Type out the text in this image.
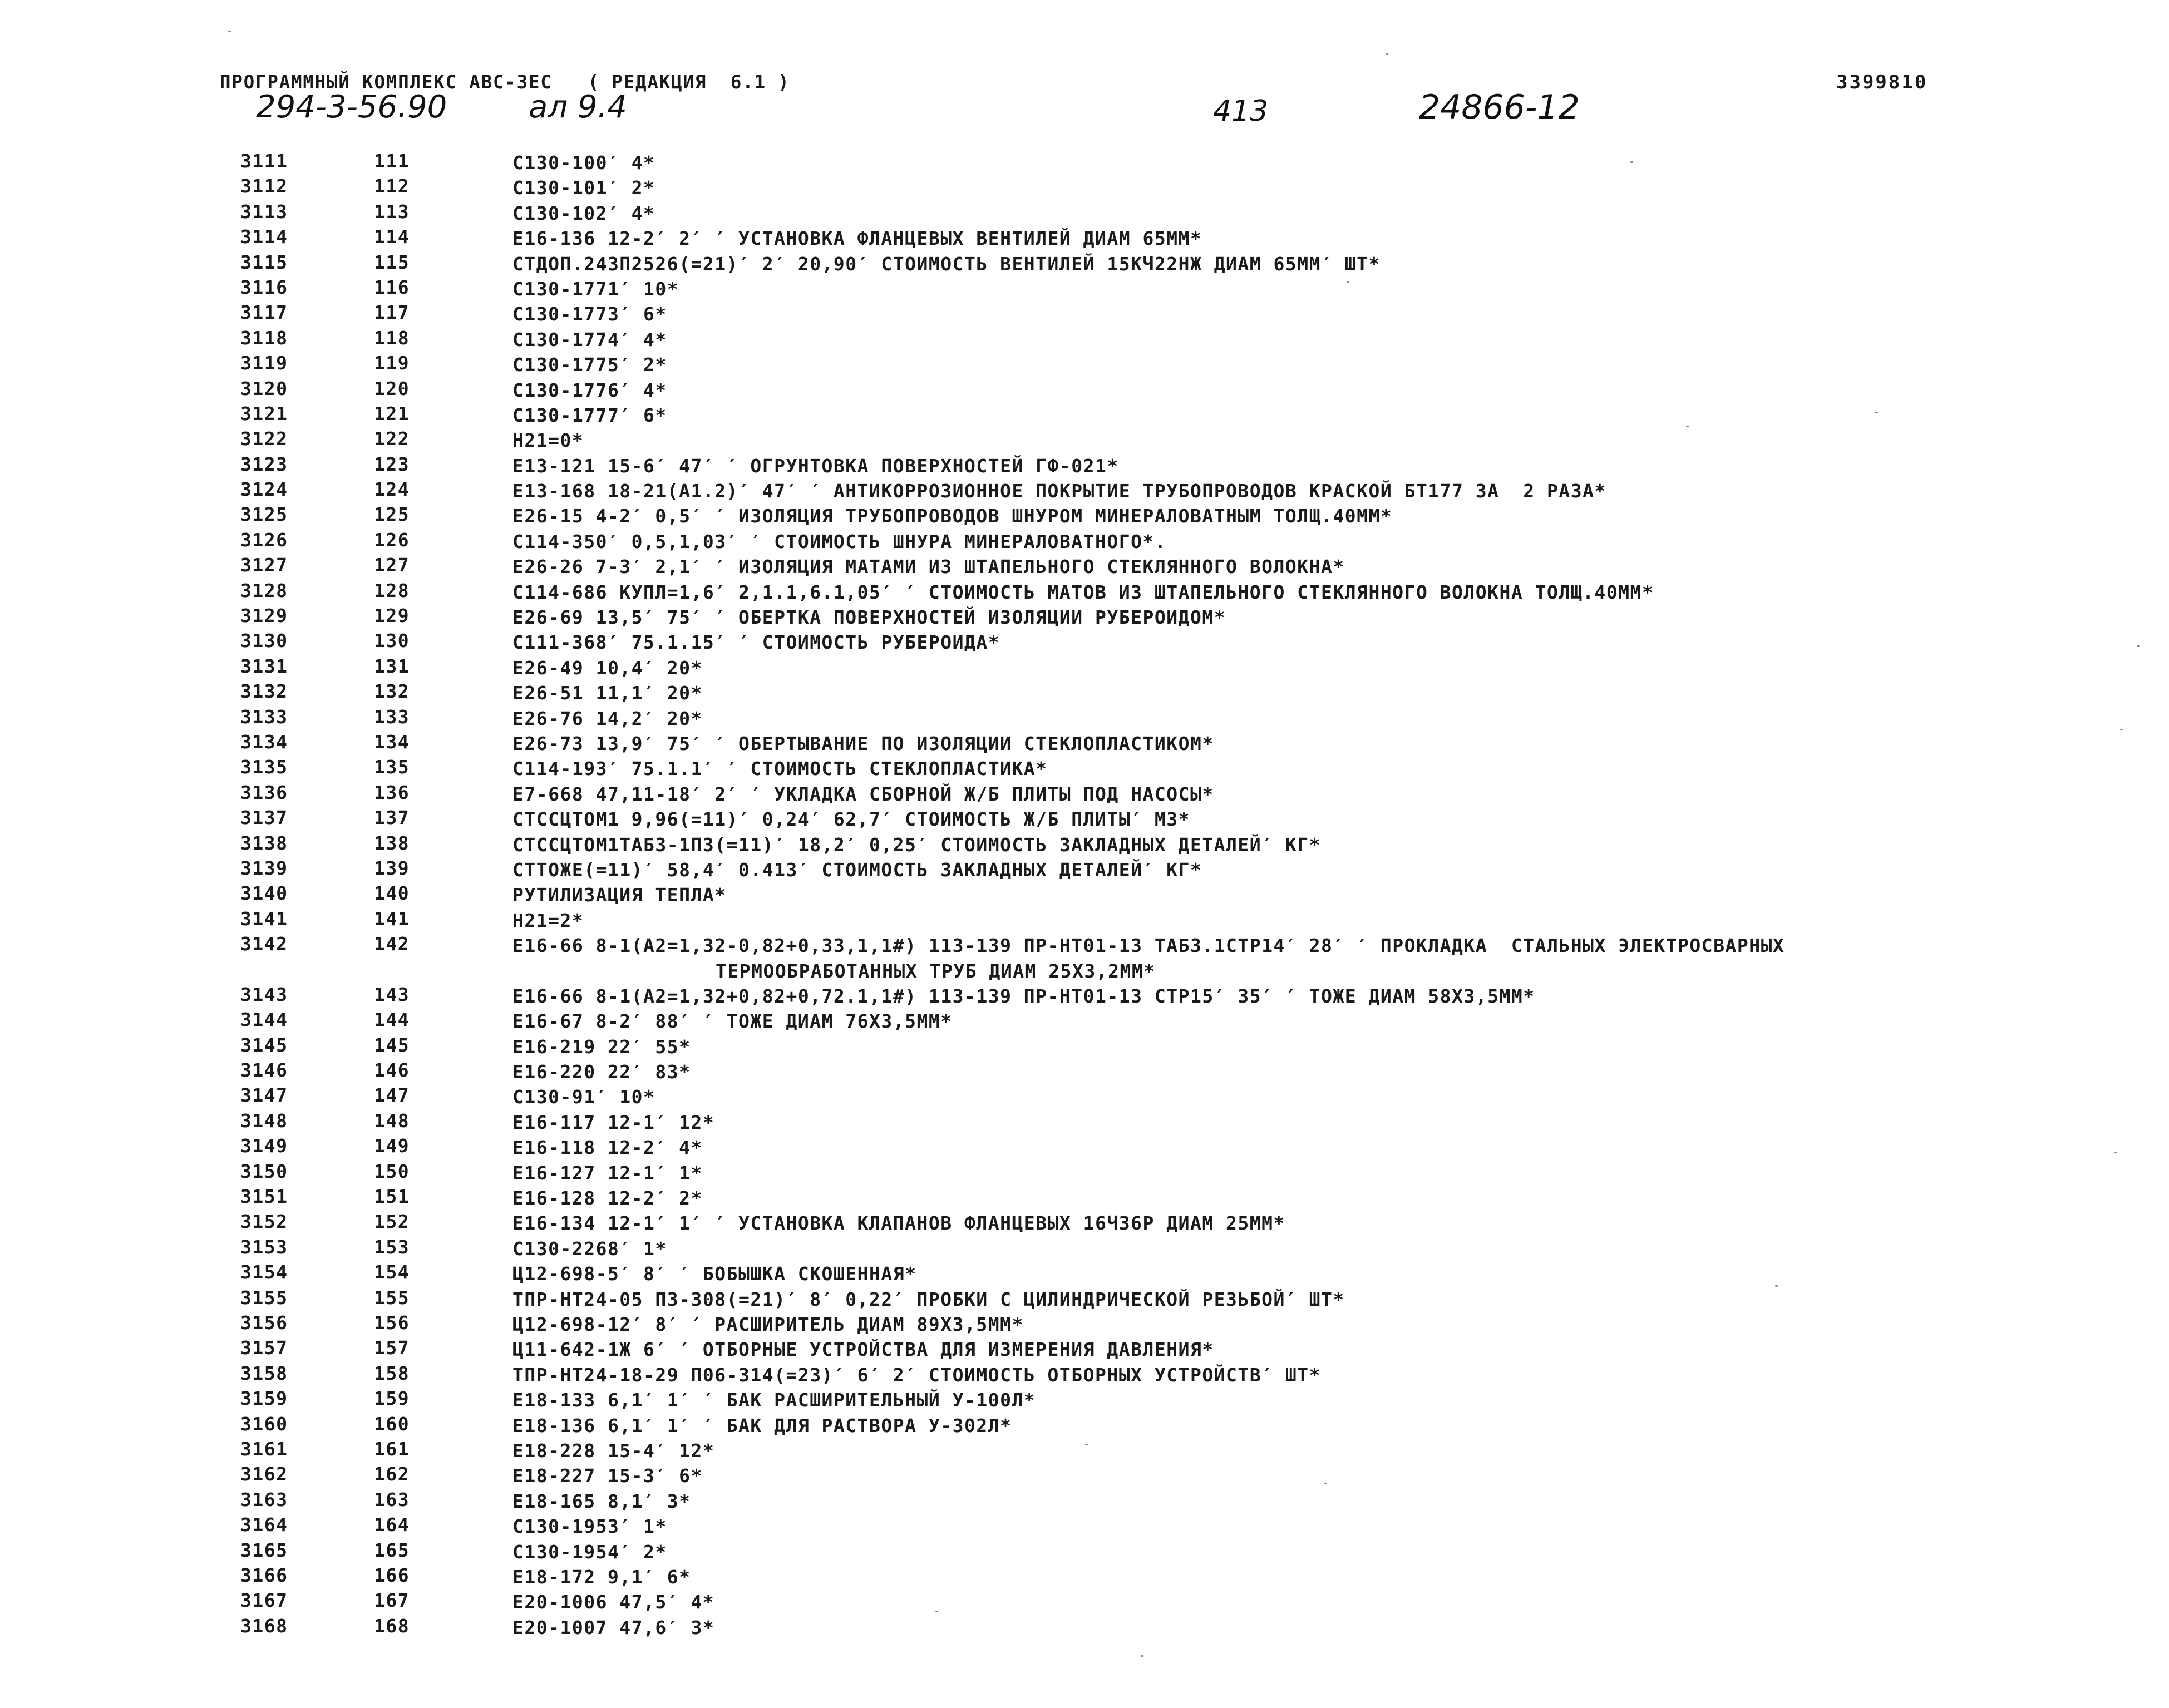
ПРОГРАММНЫЙ КОМПЛЕКС АВС-ЗЕС   ( РЕДАКЦИЯ  6.1 )	3399810
294-3-56.90	ал 9.4	413	24866-12
3111	111	С130-100′ 4*
3112	112	С130-101′ 2*
3113	113	С130-102′ 4*
3114	114	Е16-136 12-2′ 2′ ′ УСТАНОВКА ФЛАНЦЕВЫХ ВЕНТИЛЕЙ ДИАМ 65ММ*
3115	115	СТДОП.243П2526(=21)′ 2′ 20,90′ СТОИМОСТЬ ВЕНТИЛЕЙ 15КЧ22НЖ ДИАМ 65ММ′ ШТ*
3116	116	С130-1771′ 10*
3117	117	С130-1773′ 6*
3118	118	С130-1774′ 4*
3119	119	С130-1775′ 2*
3120	120	С130-1776′ 4*
3121	121	С130-1777′ 6*
3122	122	Н21=0*
3123	123	Е13-121 15-6′ 47′ ′ ОГРУНТОВКА ПОВЕРХНОСТЕЙ ГФ-021*
3124	124	Е13-168 18-21(А1.2)′ 47′ ′ АНТИКОРРОЗИОННОЕ ПОКРЫТИЕ ТРУБОПРОВОДОВ КРАСКОЙ БТ177 ЗА  2 РАЗА*
3125	125	Е26-15 4-2′ 0,5′ ′ ИЗОЛЯЦИЯ ТРУБОПРОВОДОВ ШНУРОМ МИНЕРАЛОВАТНЫМ ТОЛЩ.40ММ*
3126	126	С114-350′ 0,5,1,03′ ′ СТОИМОСТЬ ШНУРА МИНЕРАЛОВАТНОГО*.
3127	127	Е26-26 7-3′ 2,1′ ′ ИЗОЛЯЦИЯ МАТАМИ ИЗ ШТАПЕЛЬНОГО СТЕКЛЯННОГО ВОЛОКНА*
3128	128	С114-686 КУПЛ=1,6′ 2,1.1,6.1,05′ ′ СТОИМОСТЬ МАТОВ ИЗ ШТАПЕЛЬНОГО СТЕКЛЯННОГО ВОЛОКНА ТОЛЩ.40ММ*
3129	129	Е26-69 13,5′ 75′ ′ ОБЕРТКА ПОВЕРХНОСТЕЙ ИЗОЛЯЦИИ РУБЕРОИДОМ*
3130	130	С111-368′ 75.1.15′ ′ СТОИМОСТЬ РУБЕРОИДА*
3131	131	Е26-49 10,4′ 20*
3132	132	Е26-51 11,1′ 20*
3133	133	Е26-76 14,2′ 20*
3134	134	Е26-73 13,9′ 75′ ′ ОБЕРТЫВАНИЕ ПО ИЗОЛЯЦИИ СТЕКЛОПЛАСТИКОМ*
3135	135	С114-193′ 75.1.1′ ′ СТОИМОСТЬ СТЕКЛОПЛАСТИКА*
3136	136	Е7-668 47,11-18′ 2′ ′ УКЛАДКА СБОРНОЙ Ж/Б ПЛИТЫ ПОД НАСОСЫ*
3137	137	СТССЦТОМ1 9,96(=11)′ 0,24′ 62,7′ СТОИМОСТЬ Ж/Б ПЛИТЫ′ М3*
3138	138	СТССЦТОМ1ТАБ3-1П3(=11)′ 18,2′ 0,25′ СТОИМОСТЬ ЗАКЛАДНЫХ ДЕТАЛЕЙ′ КГ*
3139	139	СТТОЖЕ(=11)′ 58,4′ 0.413′ СТОИМОСТЬ ЗАКЛАДНЫХ ДЕТАЛЕЙ′ КГ*
3140	140	РУТИЛИЗАЦИЯ ТЕПЛА*
3141	141	Н21=2*
3142	142	Е16-66 8-1(А2=1,32-0,82+0,33,1,1#) 113-139 ПР-НТ01-13 ТАБ3.1СТР14′ 28′ ′ ПРОКЛАДКА  СТАЛЬНЫХ ЭЛЕКТРОСВАРНЫХ
ТЕРМООБРАБОТАННЫХ ТРУБ ДИАМ 25Х3,2ММ*
3143	143	Е16-66 8-1(А2=1,32+0,82+0,72.1,1#) 113-139 ПР-НТ01-13 СТР15′ 35′ ′ ТОЖЕ ДИАМ 58Х3,5ММ*
3144	144	Е16-67 8-2′ 88′ ′ ТОЖЕ ДИАМ 76Х3,5ММ*
3145	145	Е16-219 22′ 55*
3146	146	Е16-220 22′ 83*
3147	147	С130-91′ 10*
3148	148	Е16-117 12-1′ 12*
3149	149	Е16-118 12-2′ 4*
3150	150	Е16-127 12-1′ 1*
3151	151	Е16-128 12-2′ 2*
3152	152	Е16-134 12-1′ 1′ ′ УСТАНОВКА КЛАПАНОВ ФЛАНЦЕВЫХ 16Ч36Р ДИАМ 25ММ*
3153	153	С130-2268′ 1*
3154	154	Ц12-698-5′ 8′ ′ БОБЫШКА СКОШЕННАЯ*
3155	155	ТПР-НТ24-05 П3-308(=21)′ 8′ 0,22′ ПРОБКИ С ЦИЛИНДРИЧЕСКОЙ РЕЗЬБОЙ′ ШТ*
3156	156	Ц12-698-12′ 8′ ′ РАСШИРИТЕЛЬ ДИАМ 89Х3,5ММ*
3157	157	Ц11-642-1Ж 6′ ′ ОТБОРНЫЕ УСТРОЙСТВА ДЛЯ ИЗМЕРЕНИЯ ДАВЛЕНИЯ*
3158	158	ТПР-НТ24-18-29 П06-314(=23)′ 6′ 2′ СТОИМОСТЬ ОТБОРНЫХ УСТРОЙСТВ′ ШТ*
3159	159	Е18-133 6,1′ 1′ ′ БАК РАСШИРИТЕЛЬНЫЙ У-100Л*
3160	160	Е18-136 6,1′ 1′ ′ БАК ДЛЯ РАСТВОРА У-302Л*
3161	161	Е18-228 15-4′ 12*
3162	162	Е18-227 15-3′ 6*
3163	163	Е18-165 8,1′ 3*
3164	164	С130-1953′ 1*
3165	165	С130-1954′ 2*
3166	166	Е18-172 9,1′ 6*
3167	167	Е20-1006 47,5′ 4*
3168	168	Е20-1007 47,6′ 3*
